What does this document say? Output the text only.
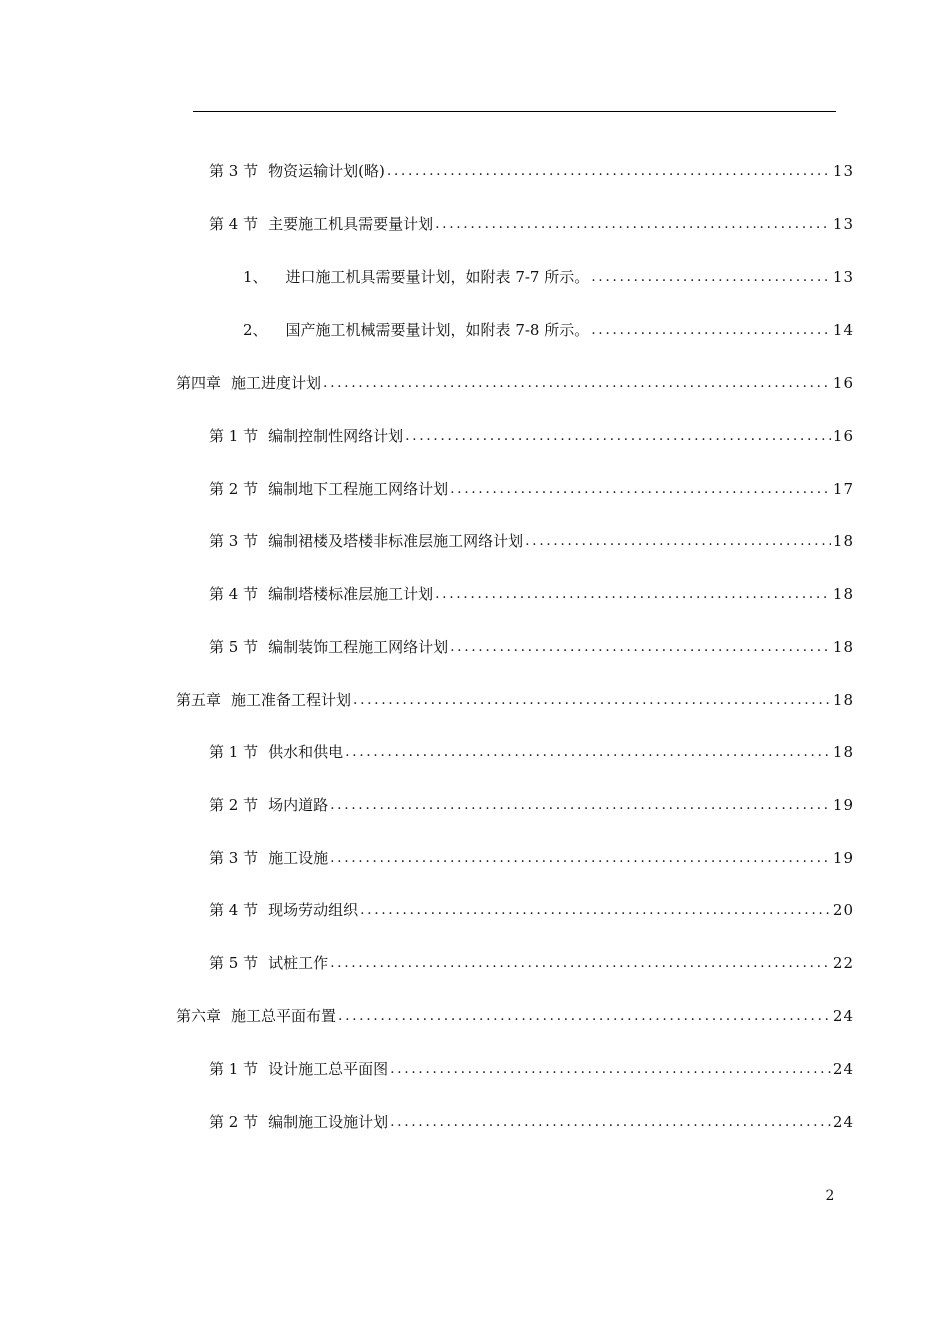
第 3 节 物资运输计划(略) .....	13
第 4 节 主要施工机具需要量计划 .....	13
1、 进口施工机具需要量计划，如附表 7-7 所示。 .....	13
2、 国产施工机械需要量计划，如附表 7-8 所示。 .....	14
第四章 施工进度计划 .....	16
第 1 节 编制控制性网络计划 .....	16
第 2 节 编制地下工程施工网络计划 .....	17
第 3 节 编制裙楼及塔楼非标准层施工网络计划 .....	18
第 4 节 编制塔楼标准层施工计划 .....	18
第 5 节 编制装饰工程施工网络计划 .....	18
第五章 施工准备工程计划 .....	18
第 1 节 供水和供电 .....	18
第 2 节 场内道路 .....	19
第 3 节 施工设施 .....	19
第 4 节 现场劳动组织 .....	20
第 5 节 试桩工作 .....	22
第六章 施工总平面布置 .....	24
第 1 节 设计施工总平面图 .....	24
第 2 节 编制施工设施计划 .....	24
2
